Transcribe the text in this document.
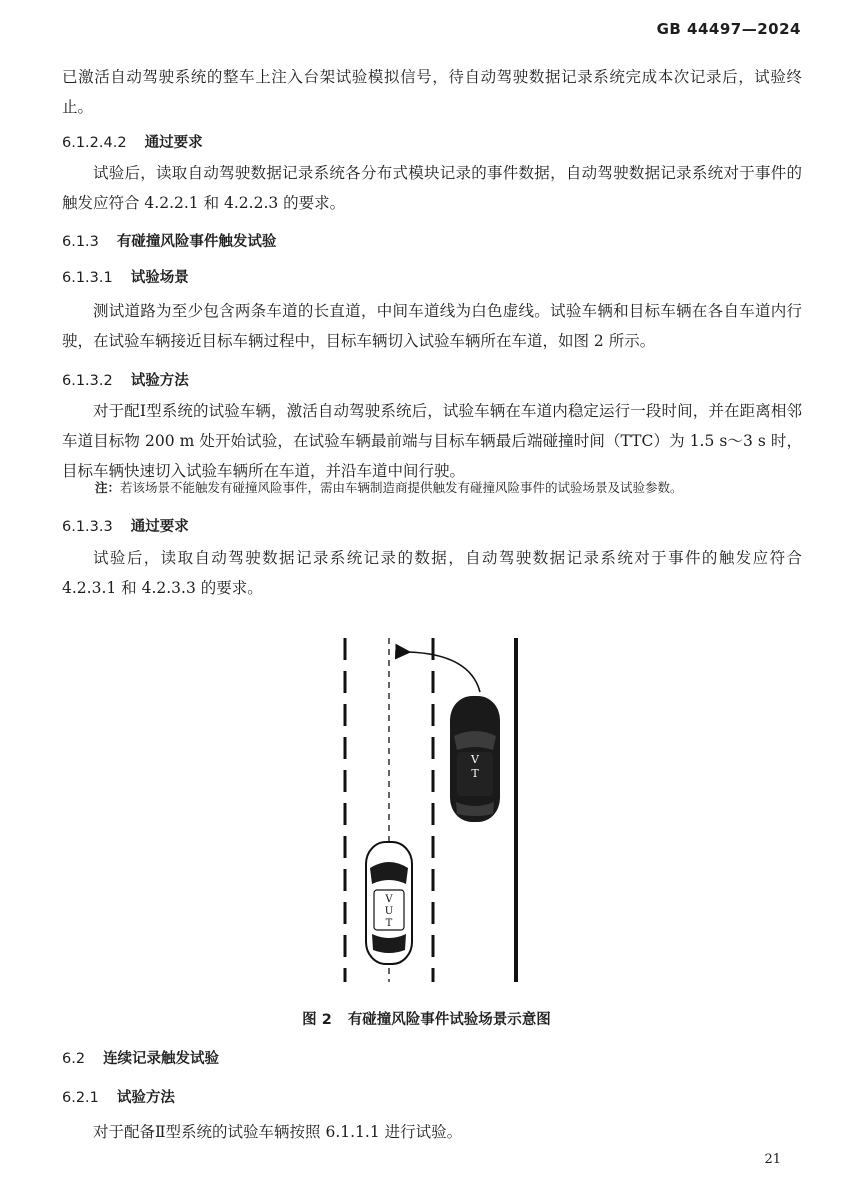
GB 44497—2024
已激活自动驾驶系统的整车上注入台架试验模拟信号，待自动驾驶数据记录系统完成本次记录后，试验终止。
6.1.2.4.2 通过要求
试验后，读取自动驾驶数据记录系统各分布式模块记录的事件数据，自动驾驶数据记录系统对于事件的触发应符合 4.2.2.1 和 4.2.2.3 的要求。
6.1.3 有碰撞风险事件触发试验
6.1.3.1 试验场景
测试道路为至少包含两条车道的长直道，中间车道线为白色虚线。试验车辆和目标车辆在各自车道内行驶，在试验车辆接近目标车辆过程中，目标车辆切入试验车辆所在车道，如图 2 所示。
6.1.3.2 试验方法
对于配Ⅰ型系统的试验车辆，激活自动驾驶系统后，试验车辆在车道内稳定运行一段时间，并在距离相邻车道目标物 200 m 处开始试验，在试验车辆最前端与目标车辆最后端碰撞时间（TTC）为 1.5 s～3 s 时，目标车辆快速切入试验车辆所在车道，并沿车道中间行驶。
注：若该场景不能触发有碰撞风险事件，需由车辆制造商提供触发有碰撞风险事件的试验场景及试验参数。
6.1.3.3 通过要求
试验后，读取自动驾驶数据记录系统记录的数据，自动驾驶数据记录系统对于事件的触发应符合 4.2.3.1 和 4.2.3.3 的要求。
V
T
V
U
T
图 2 有碰撞风险事件试验场景示意图
6.2 连续记录触发试验
6.2.1 试验方法
对于配备Ⅱ型系统的试验车辆按照 6.1.1.1 进行试验。
21
